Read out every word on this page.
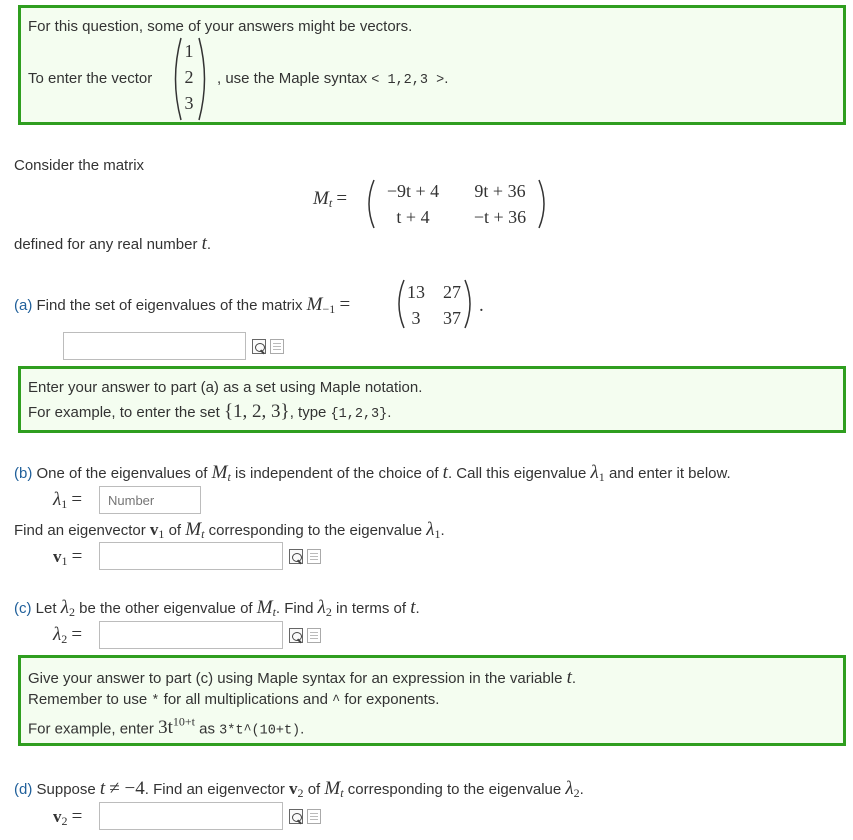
For this question, some of your answers might be vectors.
To enter the vector
1
2
3
, use the Maple syntax < 1,2,3 >.
Consider the matrix
$M_t$ =	−9t + 4	9t + 36
t + 4	−t + 36
defined for any real number t.
(a) Find the set of eigenvalues of the matrix $M_{-1}$ =
13 27
3	37
.
Enter your answer to part (a) as a set using Maple notation.
For example, to enter the set {1, 2, 3}, type {1,2,3}.
(b) One of the eigenvalues of $M_t$ is independent of the choice of t. Call this eigenvalue $\lambda_1$ and enter it below.
$\lambda_1$ =
Number
Find an eigenvector $v_1$ of $M_t$ corresponding to the eigenvalue $\lambda_1$.
$v_1$ =
(c) Let $\lambda_2$ be the other eigenvalue of $M_t$. Find $\lambda_2$ in terms of t.
$\lambda_2$ =
Give your answer to part (c) using Maple syntax for an expression in the variable t.
Remember to use * for all multiplications and ^ for exponents.
For example, enter $3t^{10+t}$ as 3*t^(10+t).
(d) Suppose t ≠ −4. Find an eigenvector $v_2$ of $M_t$ corresponding to the eigenvalue $\lambda_2$.
$v_2$ =
